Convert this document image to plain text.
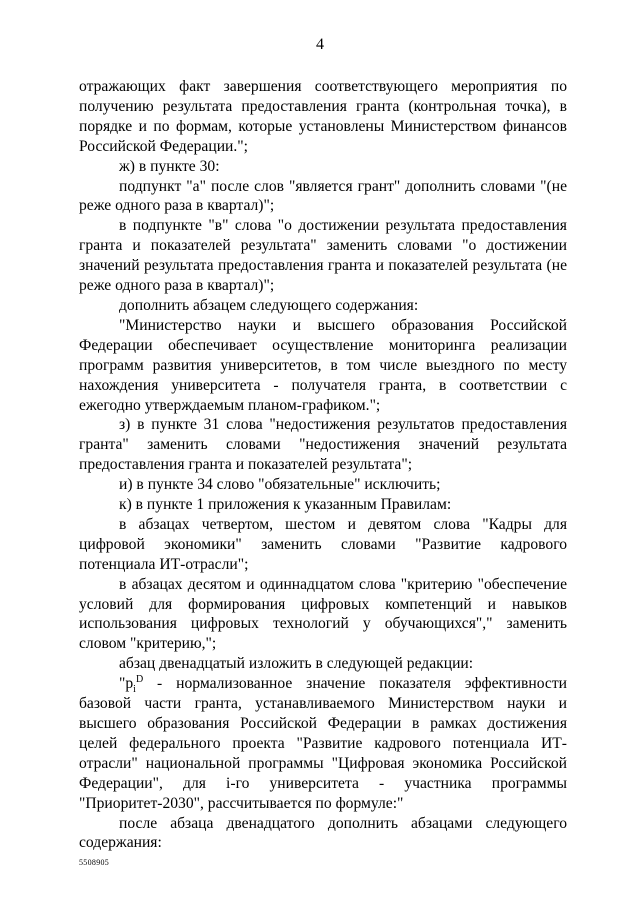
4

отражающих факт завершения соответствующего мероприятия по получению результата предоставления гранта (контрольная точка), в порядке и по формам, которые установлены Министерством финансов Российской Федерации.";

ж) в пункте 30:

подпункт "а" после слов "является грант" дополнить словами "(не реже одного раза в квартал)";

в подпункте "в" слова "о достижении результата предоставления гранта и показателей результата" заменить словами "о достижении значений результата предоставления гранта и показателей результата (не реже одного раза в квартал)";

дополнить абзацем следующего содержания:

"Министерство науки и высшего образования Российской Федерации обеспечивает осуществление мониторинга реализации программ развития университетов, в том числе выездного по месту нахождения университета - получателя гранта, в соответствии с ежегодно утверждаемым планом-графиком.";

з) в пункте 31 слова "недостижения результатов предоставления гранта" заменить словами "недостижения значений результата предоставления гранта и показателей результата";

и) в пункте 34 слово "обязательные" исключить;

к) в пункте 1 приложения к указанным Правилам:

в абзацах четвертом, шестом и девятом слова "Кадры для цифровой экономики" заменить словами "Развитие кадрового потенциала ИТ-отрасли";

в абзацах десятом и одиннадцатом слова "критерию "обеспечение условий для формирования цифровых компетенций и навыков использования цифровых технологий у обучающихся"," заменить словом "критерию,";

абзац двенадцатый изложить в следующей редакции:

"$p_i^D$ - нормализованное значение показателя эффективности базовой части гранта, устанавливаемого Министерством науки и высшего образования Российской Федерации в рамках достижения целей федерального проекта "Развитие кадрового потенциала ИТ-отрасли" национальной программы "Цифровая экономика Российской Федерации", для i-го университета - участника программы "Приоритет-2030", рассчитывается по формуле:"

после абзаца двенадцатого дополнить абзацами следующего содержания:

5508905
